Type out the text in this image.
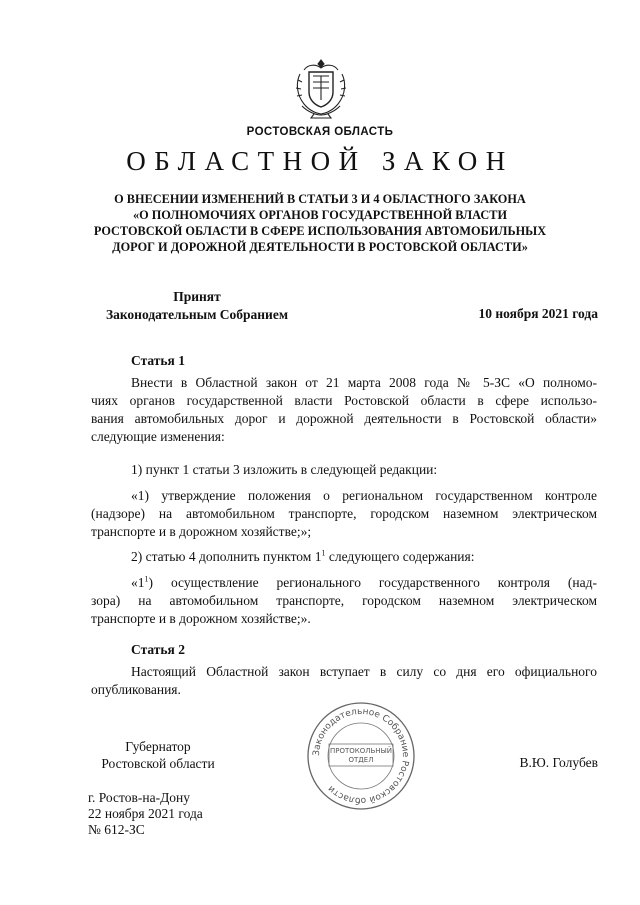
РОСТОВСКАЯ ОБЛАСТЬ
ОБЛАСТНОЙ ЗАКОН
О ВНЕСЕНИИ ИЗМЕНЕНИЙ В СТАТЬИ 3 И 4 ОБЛАСТНОГО ЗАКОНА
«О ПОЛНОМОЧИЯХ ОРГАНОВ ГОСУДАРСТВЕННОЙ ВЛАСТИ
РОСТОВСКОЙ ОБЛАСТИ В СФЕРЕ ИСПОЛЬЗОВАНИЯ АВТОМОБИЛЬНЫХ
ДОРОГ И ДОРОЖНОЙ ДЕЯТЕЛЬНОСТИ В РОСТОВСКОЙ ОБЛАСТИ»
Принят
Законодательным Собранием	10 ноября 2021 года
Статья 1
Внести в Областной закон от 21 марта 2008 года № 5-ЗС «О полномо-
чиях органов государственной власти Ростовской области в сфере использо-
вания автомобильных дорог и дорожной деятельности в Ростовской области»
следующие изменения:
1) пункт 1 статьи 3 изложить в следующей редакции:
«1) утверждение положения о региональном государственном контроле
(надзоре) на автомобильном транспорте, городском наземном электрическом
транспорте и в дорожном хозяйстве;»;
2) статью 4 дополнить пунктом $1^1$ следующего содержания:
«$1^1$) осуществление регионального государственного контроля (над-
зора) на автомобильном транспорте, городском наземном электрическом
транспорте и в дорожном хозяйстве;».
Статья 2
Настоящий Областной закон вступает в силу со дня его официального
опубликования.
Законодательное Собрание Ростовской области
ПРОТОКОЛЬНЫЙ
ОТДЕЛ
Губернатор
Ростовской области	В.Ю. Голубев
г. Ростов-на-Дону
22 ноября 2021 года
№ 612-ЗС
